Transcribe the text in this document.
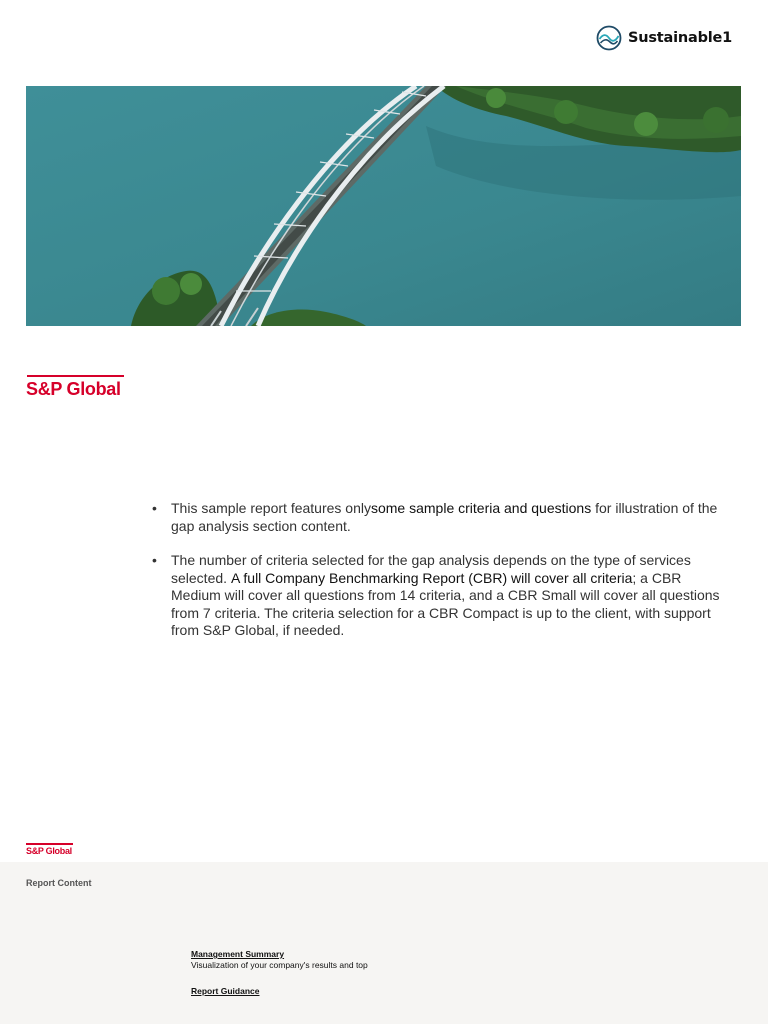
Sustainable1
S&P Global
• This sample report features onlysome sample criteria and questions for illustration of the gap analysis section content.
• The number of criteria selected for the gap analysis depends on the type of services selected. A full Company Benchmarking Report (CBR) will cover all criteria; a CBR Medium will cover all questions from 14 criteria, and a CBR Small will cover all questions from 7 criteria. The criteria selection for a CBR Compact is up to the client, with support from S&P Global, if needed.
S&P Global
Report Content
Management Summary
Visualization of your company's results and top
Report Guidance
